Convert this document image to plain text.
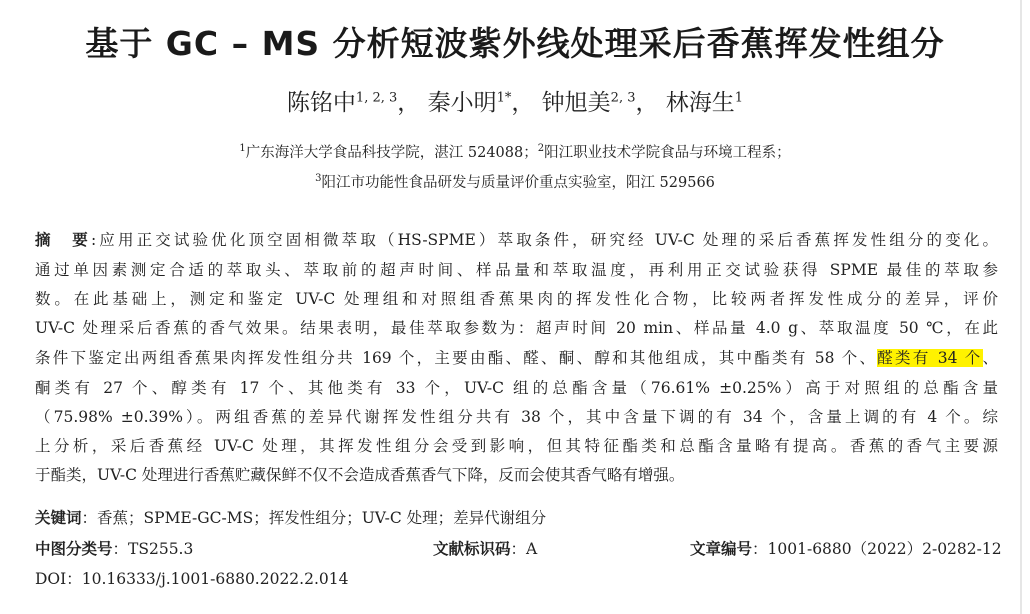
基于 GC – MS 分析短波紫外线处理采后香蕉挥发性组分
陈铭中$^{1, 2, 3}$， 秦小明$^{1*}$， 钟旭美$^{2, 3}$， 林海生$^1$
$^1$广东海洋大学食品科技学院，湛江 524088；$^2$阳江职业技术学院食品与环境工程系；
$^3$阳江市功能性食品研发与质量评价重点实验室，阳江 529566
摘　要:应用正交试验优化顶空固相微萃取（HS-SPME）萃取条件，研究经 UV-C 处理的采后香蕉挥发性组分的变化。
通过单因素测定合适的萃取头、萃取前的超声时间、样品量和萃取温度，再利用正交试验获得 SPME 最佳的萃取参
数。在此基础上，测定和鉴定 UV-C 处理组和对照组香蕉果肉的挥发性化合物，比较两者挥发性成分的差异，评价
UV-C 处理采后香蕉的香气效果。结果表明，最佳萃取参数为：超声时间 20 min、样品量 4.0 g、萃取温度 50 ℃，在此
条件下鉴定出两组香蕉果肉挥发性组分共 169 个，主要由酯、醛、酮、醇和其他组成，其中酯类有 58 个、醛类有 34 个、
酮类有 27 个、醇类有 17 个、其他类有 33 个，UV-C 组的总酯含量（76.61% ±0.25%）高于对照组的总酯含量
（75.98% ±0.39%）。两组香蕉的差异代谢挥发性组分共有 38 个，其中含量下调的有 34 个，含量上调的有 4 个。综
上分析，采后香蕉经 UV-C 处理，其挥发性组分会受到影响，但其特征酯类和总酯含量略有提高。香蕉的香气主要源
于酯类，UV-C 处理进行香蕉贮藏保鲜不仅不会造成香蕉香气下降，反而会使其香气略有增强。
关键词：香蕉；SPME-GC-MS；挥发性组分；UV-C 处理；差异代谢组分
中图分类号：TS255.3	文献标识码：A	文章编号：1001-6880（2022）2-0282-12
DOI：10.16333/j.1001-6880.2022.2.014
